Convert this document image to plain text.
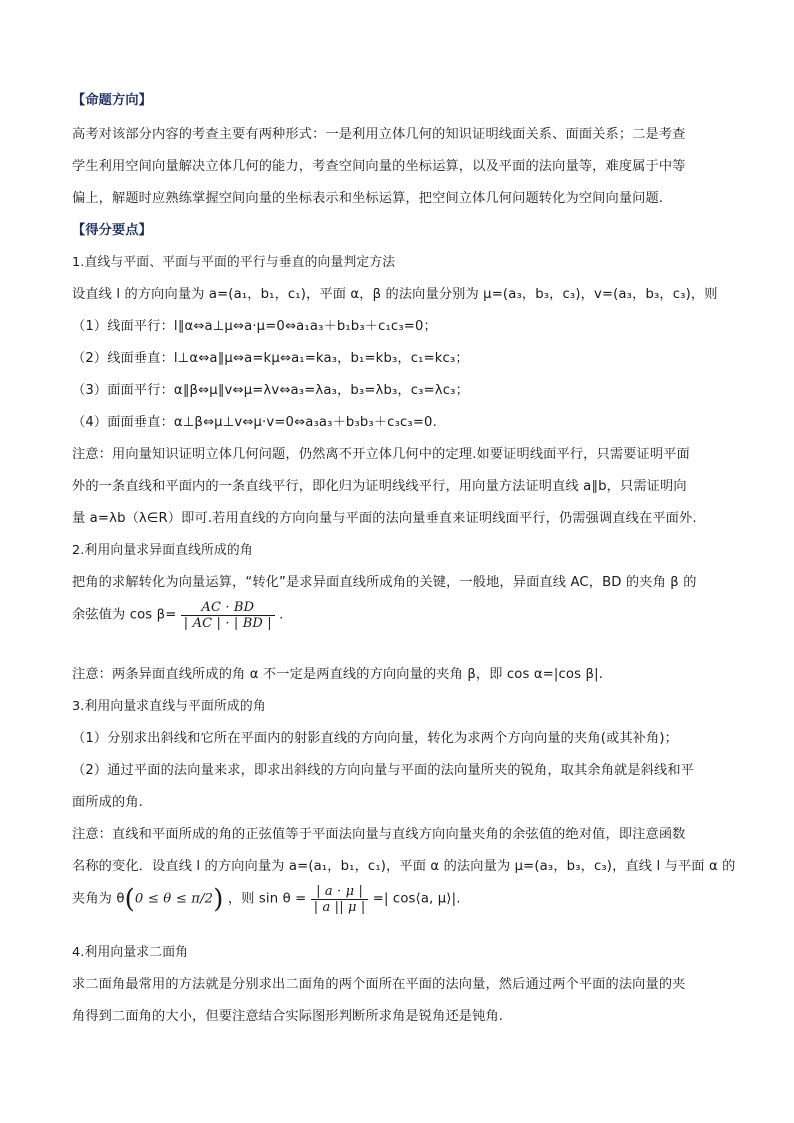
余弦值为 $\cos \beta= \frac{AC \cdot BD}{| AC | \cdot | BD |}$ .
夹角为 θ(0 ≤ θ ≤ π/2) ，则 $\sin \theta = \frac{| a \cdot \mu |}{| a || \mu |}$ =| cos⟨a, μ⟩|.
【命题方向】
高考对该部分内容的考查主要有两种形式：一是利用立体几何的知识证明线面关系、面面关系；二是考查
学生利用空间向量解决立体几何的能力，考查空间向量的坐标运算，以及平面的法向量等，难度属于中等
偏上，解题时应熟练掌握空间向量的坐标表示和坐标运算，把空间立体几何问题转化为空间向量问题.
【得分要点】
1.直线与平面、平面与平面的平行与垂直的向量判定方法
设直线 l 的方向向量为 a=(a₁，b₁，c₁)，平面 α，β 的法向量分别为 μ=(a₃，b₃，c₃)，v=(a₃，b₃，c₃)，则
（1）线面平行：l∥α⇔a⊥μ⇔a·μ=0⇔a₁a₃＋b₁b₃＋c₁c₃=0；
（2）线面垂直：l⊥α⇔a∥μ⇔a=kμ⇔a₁=ka₃，b₁=kb₃，c₁=kc₃；
（3）面面平行：α∥β⇔μ∥v⇔μ=λv⇔a₃=λa₃，b₃=λb₃，c₃=λc₃；
（4）面面垂直：α⊥β⇔μ⊥v⇔μ·v=0⇔a₃a₃＋b₃b₃＋c₃c₃=0.
注意：用向量知识证明立体几何问题，仍然离不开立体几何中的定理.如要证明线面平行，只需要证明平面
外的一条直线和平面内的一条直线平行，即化归为证明线线平行，用向量方法证明直线 a∥b，只需证明向
量 a=λb（λ∈R）即可.若用直线的方向向量与平面的法向量垂直来证明线面平行，仍需强调直线在平面外.
2.利用向量求异面直线所成的角
把角的求解转化为向量运算，“转化”是求异面直线所成角的关键，一般地，异面直线 AC，BD 的夹角 β 的
注意：两条异面直线所成的角 α 不一定是两直线的方向向量的夹角 β，即 cos α=|cos β|.
3.利用向量求直线与平面所成的角
（1）分别求出斜线和它所在平面内的射影直线的方向向量，转化为求两个方向向量的夹角(或其补角)；
（2）通过平面的法向量来求，即求出斜线的方向向量与平面的法向量所夹的锐角，取其余角就是斜线和平
面所成的角.
注意：直线和平面所成的角的正弦值等于平面法向量与直线方向向量夹角的余弦值的绝对值，即注意函数
名称的变化．设直线 l 的方向向量为 a=(a₁，b₁，c₁)，平面 α 的法向量为 μ=(a₃，b₃，c₃)，直线 l 与平面 α 的
4.利用向量求二面角
求二面角最常用的方法就是分别求出二面角的两个面所在平面的法向量，然后通过两个平面的法向量的夹
角得到二面角的大小，但要注意结合实际图形判断所求角是锐角还是钝角.
